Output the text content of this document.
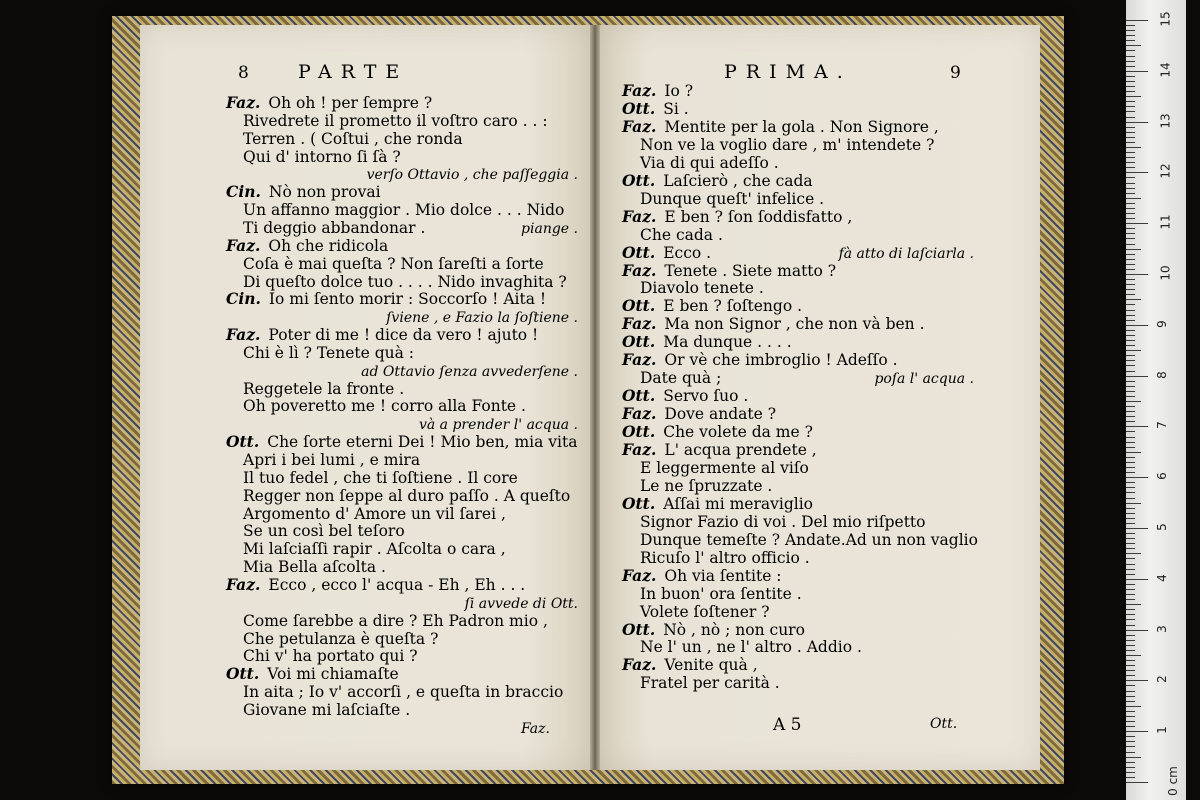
8	PARTE	PRIMA.	9
Faz. Oh oh ! per ſempre ?
Rivedrete il prometto il voſtro caro . . :
Terren . ( Coſtui , che ronda
Qui d' intorno ſi ſà ?
verſo Ottavio , che paſſeggia .
Cin. Nò non provai
Un affanno maggior . Mio dolce . . . Nido
Ti deggio abbandonar .	piange .
Faz. Oh che ridicola
Coſa è mai queſta ? Non ſareſti a ſorte
Di queſto dolce tuo . . . . Nido invaghita ?
Cin. Io mi ſento morir : Soccorſo ! Aita !
ſviene , e Fazio la ſoſtiene .
Faz. Poter di me ! dice da vero ! ajuto !
Chi è lì ? Tenete quà :
ad Ottavio ſenza avvederſene .
Reggetele la fronte .
Oh poveretto me ! corro alla Fonte .
và a prender l' acqua .
Ott. Che ſorte eterni Dei ! Mio ben, mia vita
Apri i bei lumi , e mira
Il tuo fedel , che ti ſoſtiene . Il core
Regger non ſeppe al duro paſſo . A queſto
Argomento d' Amore un vil ſarei ,
Se un così bel teſoro
Mi laſciaſſi rapir . Aſcolta o cara ,
Mia Bella aſcolta .
Faz. Ecco , ecco l' acqua - Eh , Eh . . .
ſi avvede di Ott.
Come ſarebbe a dire ? Eh Padron mio ,
Che petulanza è queſta ?
Chi v' ha portato qui ?
Ott. Voi mi chiamaſte
In aita ; Io v' accorſi , e queſta in braccio
Giovane mi laſciaſte .
Faz. Io ?
Ott. Si .
Faz. Mentite per la gola . Non Signore ,
Non ve la voglio dare , m' intendete ?
Via di qui adeſſo .
Ott. Laſcierò , che cada
Dunque queſt' infelice .
Faz. E ben ? ſon ſoddisfatto ,
Che cada .
Ott. Ecco .	fà atto di laſciarla .
Faz. Tenete . Siete matto ?
Diavolo tenete .
Ott. E ben ? ſoſtengo .
Faz. Ma non Signor , che non và ben .
Ott. Ma dunque . . . .
Faz. Or vè che imbroglio ! Adeſſo .
Date quà ;	poſa l' acqua .
Ott. Servo ſuo .
Faz. Dove andate ?
Ott. Che volete da me ?
Faz. L' acqua prendete ,
E leggermente al viſo
Le ne ſpruzzate .
Ott. Aſſai mi meraviglio
Signor Fazio di voi . Del mio riſpetto
Dunque temeſte ? Andate.Ad un non vaglio
Ricuſo l' altro officio .
Faz. Oh via ſentite :
In buon' ora ſentite .
Volete ſoſtener ?
Ott. Nò , nò ; non curo
Ne l' un , ne l' altro . Addio .
Faz. Venite quà ,
Fratel per carità .
Faz.	A 5	Ott.
0 cm
1
2
3
4
5
6
7
8
9
10
11
12
13
14
15
